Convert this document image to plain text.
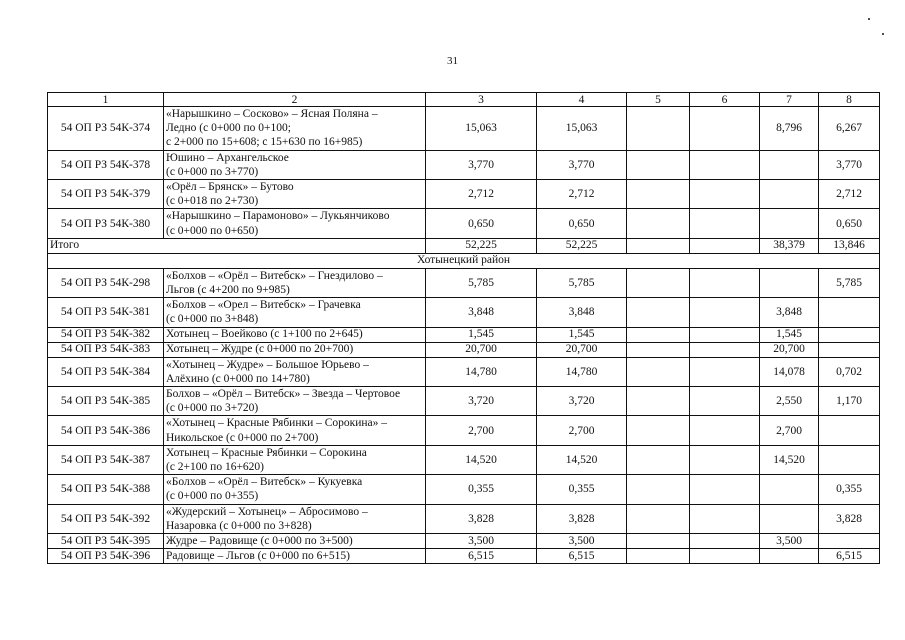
31
1	2	3	4	5	6	7	8
54 ОП РЗ 54К-374	«Нарышкино – Сосково» – Ясная Поляна –
Ледно (с 0+000 по 0+100;
с 2+000 по 15+608; с 15+630 по 16+985)	15,063	15,063			8,796	6,267
54 ОП РЗ 54К-378	Юшино – Архангельское
(с 0+000 по 3+770)	3,770	3,770				3,770
54 ОП РЗ 54К-379	«Орёл – Брянск» – Бутово
(с 0+018 по 2+730)	2,712	2,712				2,712
54 ОП РЗ 54К-380	«Нарышкино – Парамоново» – Лукьянчиково
(с 0+000 по 0+650)	0,650	0,650				0,650
Итого		52,225	52,225			38,379	13,846
Хотынецкий район							
54 ОП РЗ 54К-298	«Болхов – «Орёл – Витебск» – Гнездилово –
Льгов (с 4+200 по 9+985)	5,785	5,785				5,785
54 ОП РЗ 54К-381	«Болхов – «Орел – Витебск» – Грачевка
(с 0+000 по 3+848)	3,848	3,848			3,848	
54 ОП РЗ 54К-382	Хотынец – Воейково (с 1+100 по 2+645)	1,545	1,545			1,545	
54 ОП РЗ 54К-383	Хотынец – Жудре (с 0+000 по 20+700)	20,700	20,700			20,700	
54 ОП РЗ 54К-384	«Хотынец – Жудре» – Большое Юрьево –
Алёхино (с 0+000 по 14+780)	14,780	14,780			14,078	0,702
54 ОП РЗ 54К-385	Болхов – «Орёл – Витебск» – Звезда – Чертовое
(с 0+000 по 3+720)	3,720	3,720			2,550	1,170
54 ОП РЗ 54К-386	«Хотынец – Красные Рябинки – Сорокина» –
Никольское (с 0+000 по 2+700)	2,700	2,700			2,700	
54 ОП РЗ 54К-387	Хотынец – Красные Рябинки – Сорокина
(с 2+100 по 16+620)	14,520	14,520			14,520	
54 ОП РЗ 54К-388	«Болхов – «Орёл – Витебск» – Кукуевка
(с 0+000 по 0+355)	0,355	0,355				0,355
54 ОП РЗ 54К-392	«Жудерский – Хотынец» – Абросимово –
Назаровка (с 0+000 по 3+828)	3,828	3,828				3,828
54 ОП РЗ 54К-395	Жудре – Радовище (с 0+000 по 3+500)	3,500	3,500			3,500	
54 ОП РЗ 54К-396	Радовище – Льгов (с 0+000 по 6+515)	6,515	6,515				6,515
